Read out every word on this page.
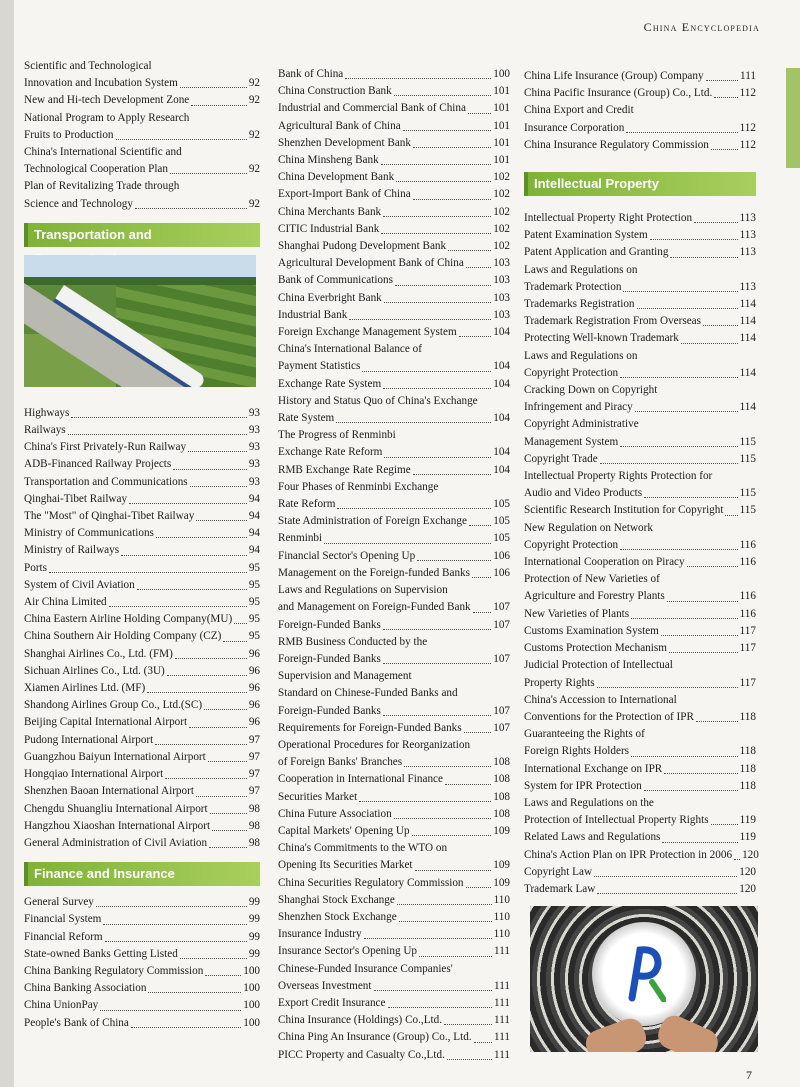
China Encyclopedia
Scientific and Technological
Innovation and Incubation System	92
New and Hi-tech Development Zone	92
National Program to Apply Research
Fruits to Production	92
China's International Scientific and
Technological Cooperation Plan	92
Plan of Revitalizing Trade through
Science and Technology	92
Transportation and
Highways	93
Railways	93
China's First Privately-Run Railway	93
ADB-Financed Railway Projects	93
Transportation and Communications	93
Qinghai-Tibet Railway	94
The "Most" of Qinghai-Tibet Railway	94
Ministry of Communications	94
Ministry of Railways	94
Ports	95
System of Civil Aviation	95
Air China Limited	95
China Eastern Airline Holding Company(MU) 95
China Southern Air Holding Company (CZ) 95
Shanghai Airlines Co., Ltd. (FM)	96
Sichuan Airlines Co., Ltd. (3U)	96
Xiamen Airlines Ltd. (MF)	96
Shandong Airlines Group Co., Ltd.(SC)	96
Beijing Capital International Airport	96
Pudong International Airport	97
Guangzhou Baiyun International Airport	97
Hongqiao International Airport	97
Shenzhen Baoan International Airport	97
Chengdu Shuangliu International Airport	98
Hangzhou Xiaoshan International Airport	98
General Administration of Civil Aviation	98
Finance and Insurance
General Survey	99
Financial System	99
Financial Reform	99
State-owned Banks Getting Listed	99
China Banking Regulatory Commission	100
China Banking Association	100
China UnionPay	100
People's Bank of China	100
Bank of China	100
China Construction Bank	101
Industrial and Commercial Bank of China 101
Agricultural Bank of China	101
Shenzhen Development Bank	101
China Minsheng Bank	101
China Development Bank	102
Export-Import Bank of China	102
China Merchants Bank	102
CITIC Industrial Bank	102
Shanghai Pudong Development Bank	102
Agricultural Development Bank of China	103
Bank of Communications	103
China Everbright Bank	103
Industrial Bank	103
Foreign Exchange Management System	104
China's International Balance of
Payment Statistics	104
Exchange Rate System	104
History and Status Quo of China's Exchange
Rate System	104
The Progress of Renminbi
Exchange Rate Reform	104
RMB Exchange Rate Regime	104
Four Phases of Renminbi Exchange
Rate Reform	105
State Administration of Foreign Exchange 105
Renminbi	105
Financial Sector's Opening Up	106
Management on the Foreign-funded Banks 106
Laws and Regulations on Supervision
and Management on Foreign-Funded Bank 107
Foreign-Funded Banks	107
RMB Business Conducted by the
Foreign-Funded Banks	107
Supervision and Management
Standard on Chinese-Funded Banks and
Foreign-Funded Banks	107
Requirements for Foreign-Funded Banks	107
Operational Procedures for Reorganization
of Foreign Banks' Branches	108
Cooperation in International Finance	108
Securities Market	108
China Future Association	108
Capital Markets' Opening Up	109
China's Commitments to the WTO on
Opening Its Securities Market	109
China Securities Regulatory Commission	109
Shanghai Stock Exchange	110
Shenzhen Stock Exchange	110
Insurance Industry	110
Insurance Sector's Opening Up	111
Chinese-Funded Insurance Companies'
Overseas Investment	111
Export Credit Insurance	111
China Insurance (Holdings) Co.,Ltd.	111
China Ping An Insurance (Group) Co., Ltd. 111
PICC Property and Casualty Co.,Ltd.	111
China Life Insurance (Group) Company	111
China Pacific Insurance (Group) Co., Ltd. 112
China Export and Credit
Insurance Corporation	112
China Insurance Regulatory Commission	112
Intellectual Property
Intellectual Property Right Protection	113
Patent Examination System	113
Patent Application and Granting	113
Laws and Regulations on
Trademark Protection	113
Trademarks Registration	114
Trademark Registration From Overseas	114
Protecting Well-known Trademark	114
Laws and Regulations on
Copyright Protection	114
Cracking Down on Copyright
Infringement and Piracy	114
Copyright Administrative
Management System	115
Copyright Trade	115
Intellectual Property Rights Protection for
Audio and Video Products	115
Scientific Research Institution for Copyright 115
New Regulation on Network
Copyright Protection	116
International Cooperation on Piracy	116
Protection of New Varieties of
Agriculture and Forestry Plants	116
New Varieties of Plants	116
Customs Examination System	117
Customs Protection Mechanism	117
Judicial Protection of Intellectual
Property Rights	117
China's Accession to International
Conventions for the Protection of IPR	118
Guaranteeing the Rights of
Foreign Rights Holders	118
International Exchange on IPR	118
System for IPR Protection	118
Laws and Regulations on the
Protection of Intellectual Property Rights	119
Related Laws and Regulations	119
China's Action Plan on IPR Protection in 2006 120
Copyright Law	120
Trademark Law	120
7
